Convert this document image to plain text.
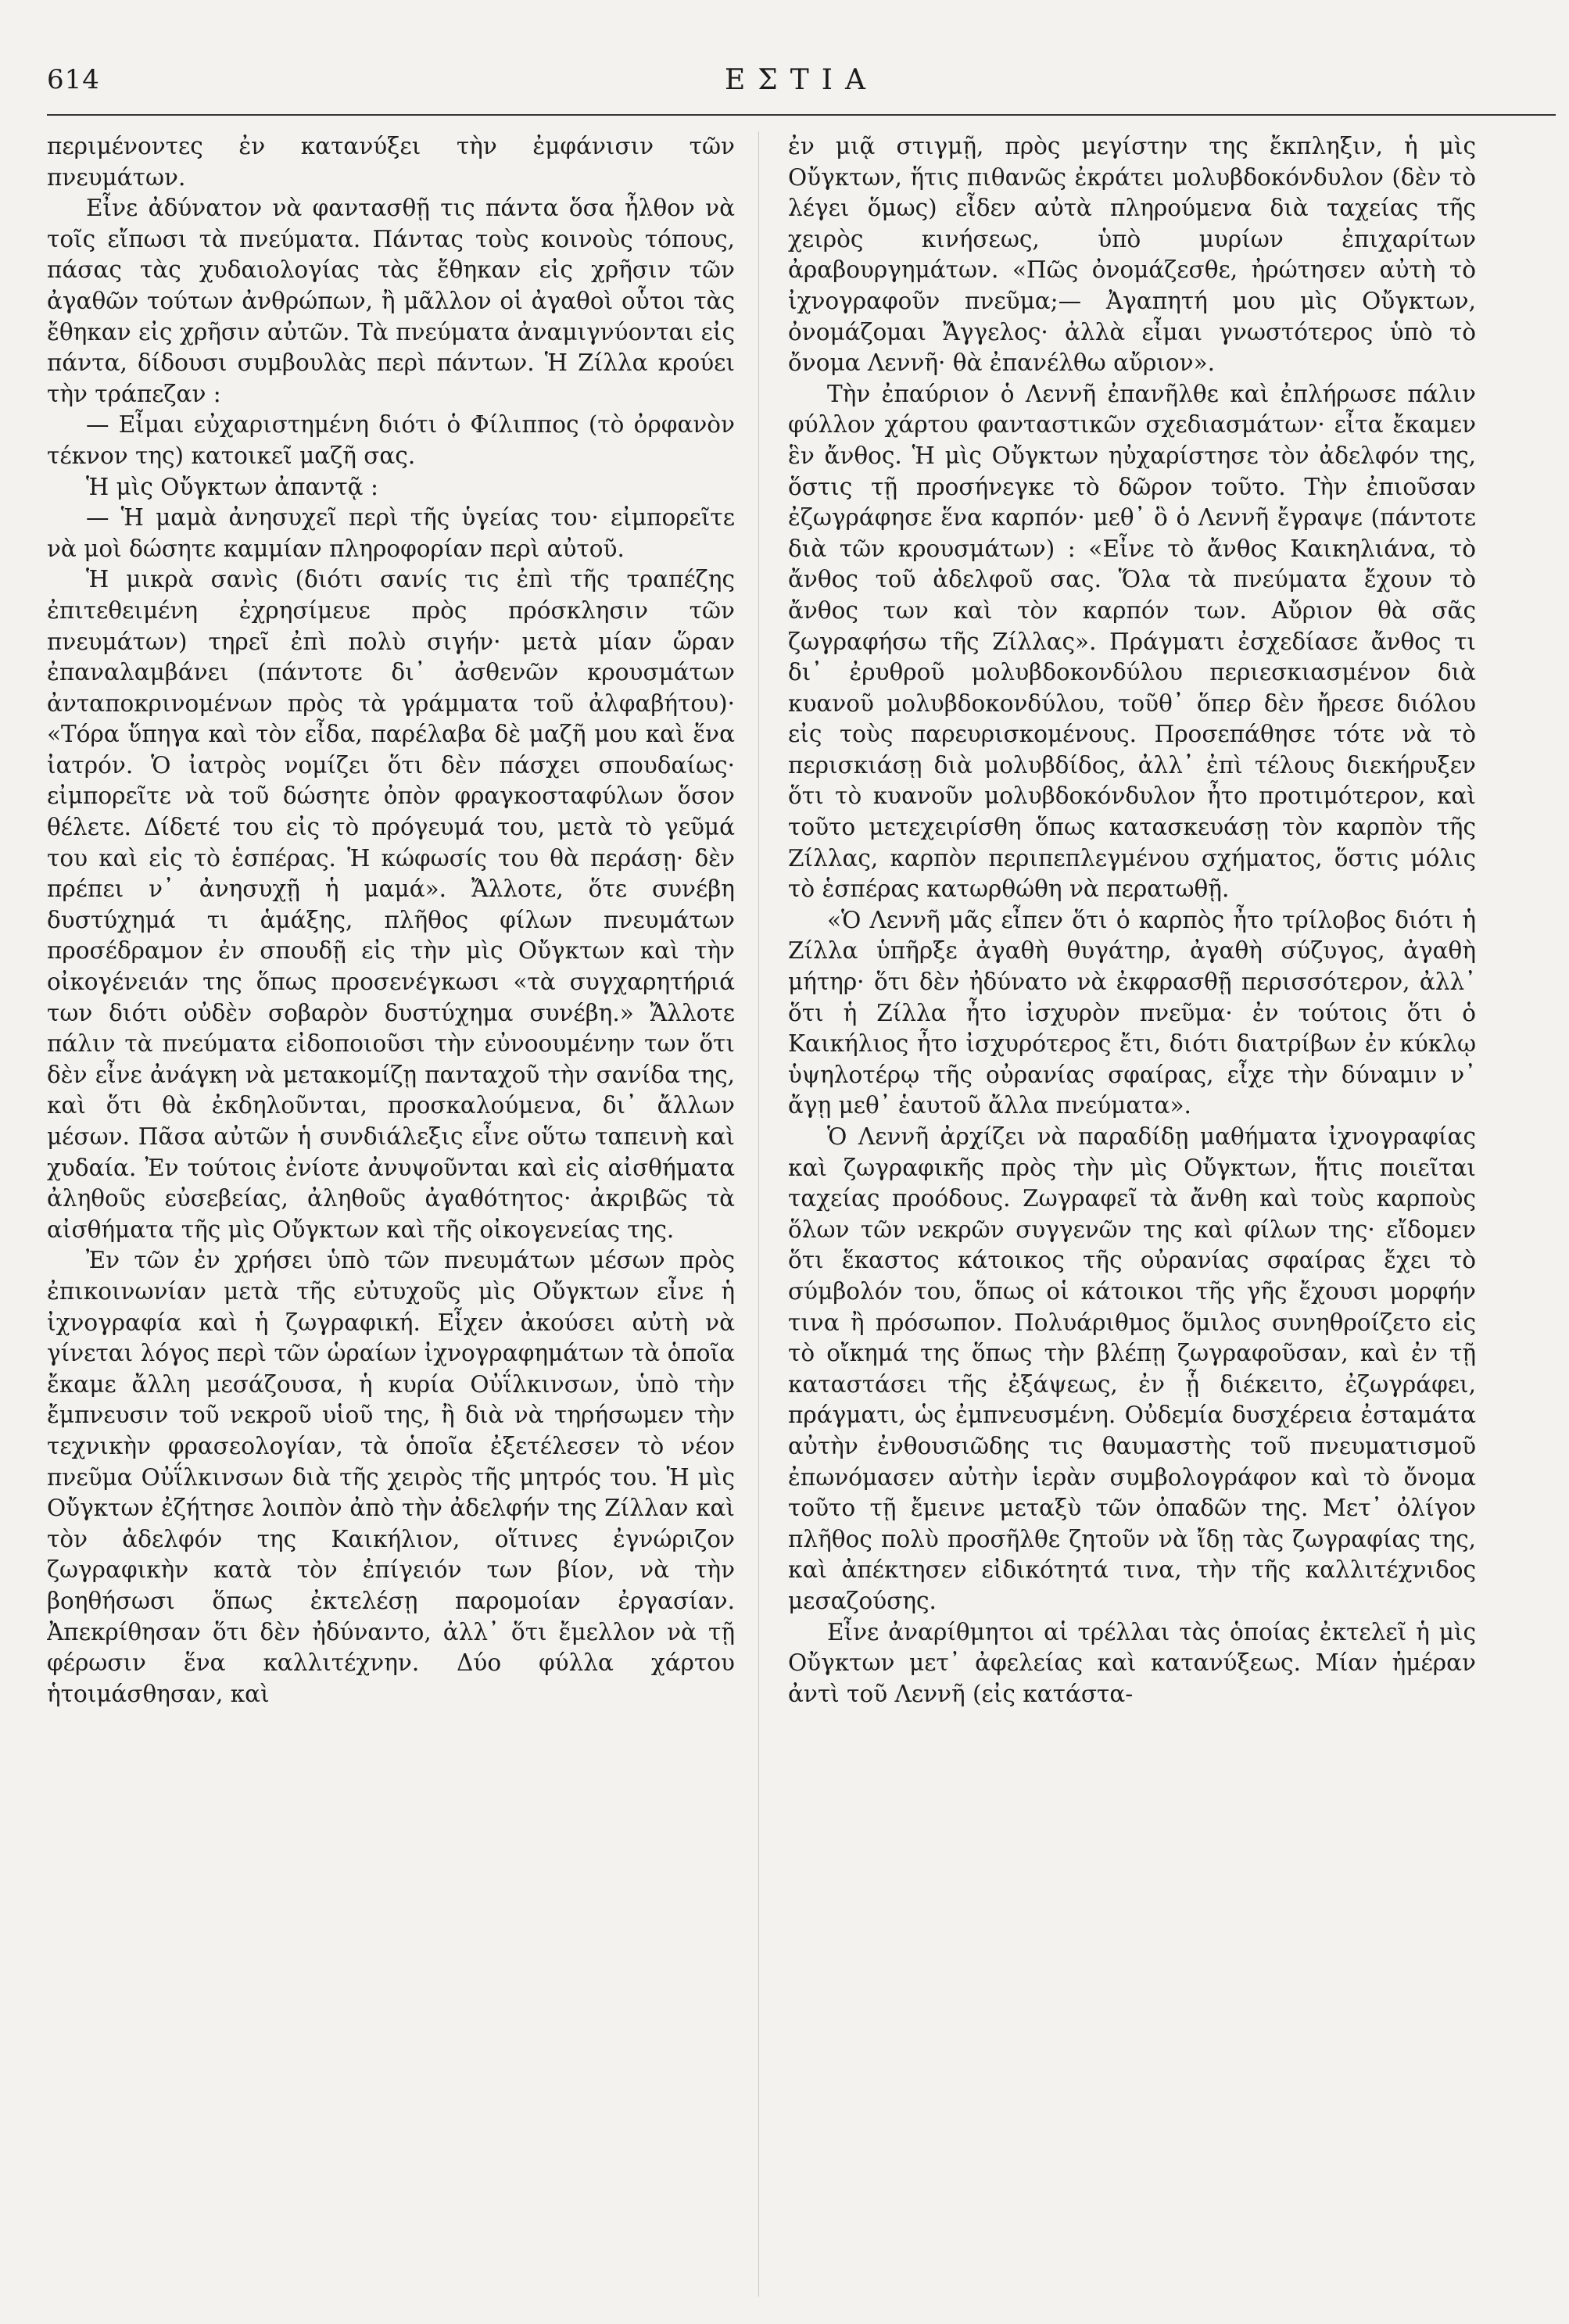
614	ΕΣΤΙΑ

περιμένοντες ἐν κατανύξει τὴν ἐμφάνισιν τῶν πνευμάτων.

Εἶνε ἀδύνατον νὰ φαντασθῇ τις πάντα ὅσα ἦλθον νὰ τοῖς εἴπωσι τὰ πνεύματα. Πάντας τοὺς κοινοὺς τόπους, πάσας τὰς χυδαιολογίας τὰς ἔθηκαν εἰς χρῆσιν τῶν ἀγαθῶν τούτων ἀνθρώπων, ἢ μᾶλλον οἱ ἀγαθοὶ οὗτοι τὰς ἔθηκαν εἰς χρῆσιν αὐτῶν. Τὰ πνεύματα ἀναμιγνύονται εἰς πάντα, δίδουσι συμβουλὰς περὶ πάντων. Ἡ Ζίλλα κρούει τὴν τράπεζαν :

— Εἶμαι εὐχαριστημένη διότι ὁ Φίλιππος (τὸ ὀρφανὸν τέκνον της) κατοικεῖ μαζῆ σας.

Ἡ μὶς Οὔγκτων ἀπαντᾷ :

— Ἡ μαμὰ ἀνησυχεῖ περὶ τῆς ὑγείας του· εἰμπορεῖτε νὰ μοὶ δώσητε καμμίαν πληροφορίαν περὶ αὐτοῦ.

Ἡ μικρὰ σανὶς (διότι σανίς τις ἐπὶ τῆς τραπέζης ἐπιτεθειμένη ἐχρησίμευε πρὸς πρόσκλησιν τῶν πνευμάτων) τηρεῖ ἐπὶ πολὺ σιγήν· μετὰ μίαν ὥραν ἐπαναλαμβάνει (πάντοτε δι᾽ ἀσθενῶν κρουσμάτων ἀνταποκρινομένων πρὸς τὰ γράμματα τοῦ ἀλφαβήτου)· «Τόρα ὕπηγα καὶ τὸν εἶδα, παρέλαβα δὲ μαζῆ μου καὶ ἕνα ἰατρόν. Ὁ ἰατρὸς νομίζει ὅτι δὲν πάσχει σπουδαίως· εἰμπορεῖτε νὰ τοῦ δώσητε ὀπὸν φραγκοσταφύλων ὅσον θέλετε. Δίδετέ του εἰς τὸ πρόγευμά του, μετὰ τὸ γεῦμά του καὶ εἰς τὸ ἑσπέρας. Ἡ κώφωσίς του θὰ περάσῃ· δὲν πρέπει ν᾽ ἀνησυχῇ ἡ μαμά». Ἄλλοτε, ὅτε συνέβη δυστύχημά τι ἁμάξης, πλῆθος φίλων πνευμάτων προσέδραμον ἐν σπουδῇ εἰς τὴν μὶς Οὔγκτων καὶ τὴν οἰκογένειάν της ὅπως προσενέγκωσι «τὰ συγχαρητήριά των διότι οὐδὲν σοβαρὸν δυστύχημα συνέβη.» Ἄλλοτε πάλιν τὰ πνεύματα εἰδοποιοῦσι τὴν εὐνοουμένην των ὅτι δὲν εἶνε ἀνάγκη νὰ μετακομίζῃ πανταχοῦ τὴν σανίδα της, καὶ ὅτι θὰ ἐκδηλοῦνται, προσκαλούμενα, δι᾽ ἄλλων μέσων. Πᾶσα αὐτῶν ἡ συνδιάλεξις εἶνε οὕτω ταπεινὴ καὶ χυδαία. Ἐν τούτοις ἐνίοτε ἀνυψοῦνται καὶ εἰς αἰσθήματα ἀληθοῦς εὐσεβείας, ἀληθοῦς ἀγαθότητος· ἀκριβῶς τὰ αἰσθήματα τῆς μὶς Οὔγκτων καὶ τῆς οἰκογενείας της.

Ἐν τῶν ἐν χρήσει ὑπὸ τῶν πνευμάτων μέσων πρὸς ἐπικοινωνίαν μετὰ τῆς εὐτυχοῦς μὶς Οὔγκτων εἶνε ἡ ἰχνογραφία καὶ ἡ ζωγραφική. Εἶχεν ἀκούσει αὐτὴ νὰ γίνεται λόγος περὶ τῶν ὡραίων ἰχνογραφημάτων τὰ ὁποῖα ἔκαμε ἄλλη μεσάζουσα, ἡ κυρία Οὐΐλκινσων, ὑπὸ τὴν ἔμπνευσιν τοῦ νεκροῦ υἱοῦ της, ἢ διὰ νὰ τηρήσωμεν τὴν τεχνικὴν φρασεολογίαν, τὰ ὁποῖα ἐξετέλεσεν τὸ νέον πνεῦμα Οὐΐλκινσων διὰ τῆς χειρὸς τῆς μητρός του. Ἡ μὶς Οὔγκτων ἐζήτησε λοιπὸν ἀπὸ τὴν ἀδελφήν της Ζίλλαν καὶ τὸν ἀδελφόν της Καικήλιον, οἵτινες ἐγνώριζον ζωγραφικὴν κατὰ τὸν ἐπίγειόν των βίον, νὰ τὴν βοηθήσωσι ὅπως ἐκτελέσῃ παρομοίαν ἐργασίαν. Ἀπεκρίθησαν ὅτι δὲν ἠδύναντο, ἀλλ᾽ ὅτι ἔμελλον νὰ τῇ φέρωσιν ἕνα καλλιτέχνην. Δύο φύλλα χάρτου ἡτοιμάσθησαν, καὶ

ἐν μιᾷ στιγμῇ, πρὸς μεγίστην της ἔκπληξιν, ἡ μὶς Οὔγκτων, ἥτις πιθανῶς ἐκράτει μολυβδοκόνδυλον (δὲν τὸ λέγει ὅμως) εἶδεν αὐτὰ πληρούμενα διὰ ταχείας τῆς χειρὸς κινήσεως, ὑπὸ μυρίων ἐπιχαρίτων ἀραβουργημάτων. «Πῶς ὀνομάζεσθε, ἠρώτησεν αὐτὴ τὸ ἰχνογραφοῦν πνεῦμα;— Ἀγαπητή μου μὶς Οὔγκτων, ὀνομάζομαι Ἄγγελος· ἀλλὰ εἶμαι γνωστότερος ὑπὸ τὸ ὄνομα Λεννῆ· θὰ ἐπανέλθω αὔριον».

Τὴν ἐπαύριον ὁ Λεννῆ ἐπανῆλθε καὶ ἐπλήρωσε πάλιν φύλλον χάρτου φανταστικῶν σχεδιασμάτων· εἶτα ἔκαμεν ἓν ἄνθος. Ἡ μὶς Οὔγκτων ηὐχαρίστησε τὸν ἀδελφόν της, ὅστις τῇ προσήνεγκε τὸ δῶρον τοῦτο. Τὴν ἐπιοῦσαν ἐζωγράφησε ἕνα καρπόν· μεθ᾽ ὃ ὁ Λεννῆ ἔγραψε (πάντοτε διὰ τῶν κρουσμάτων) : «Εἶνε τὸ ἄνθος Καικηλιάνα, τὸ ἄνθος τοῦ ἀδελφοῦ σας. Ὅλα τὰ πνεύματα ἔχουν τὸ ἄνθος των καὶ τὸν καρπόν των. Αὔριον θὰ σᾶς ζωγραφήσω τῆς Ζίλλας». Πράγματι ἐσχεδίασε ἄνθος τι δι᾽ ἐρυθροῦ μολυβδοκονδύλου περιεσκιασμένον διὰ κυανοῦ μολυβδοκονδύλου, τοῦθ᾽ ὅπερ δὲν ἤρεσε διόλου εἰς τοὺς παρευρισκομένους. Προσεπάθησε τότε νὰ τὸ περισκιάσῃ διὰ μολυβδίδος, ἀλλ᾽ ἐπὶ τέλους διεκήρυξεν ὅτι τὸ κυανοῦν μολυβδοκόνδυλον ἦτο προτιμότερον, καὶ τοῦτο μετεχειρίσθη ὅπως κατασκευάσῃ τὸν καρπὸν τῆς Ζίλλας, καρπὸν περιπεπλεγμένου σχήματος, ὅστις μόλις τὸ ἑσπέρας κατωρθώθη νὰ περατωθῇ.

«Ὁ Λεννῆ μᾶς εἶπεν ὅτι ὁ καρπὸς ἦτο τρίλοβος διότι ἡ Ζίλλα ὑπῆρξε ἀγαθὴ θυγάτηρ, ἀγαθὴ σύζυγος, ἀγαθὴ μήτηρ· ὅτι δὲν ἠδύνατο νὰ ἐκφρασθῇ περισσότερον, ἀλλ᾽ ὅτι ἡ Ζίλλα ἦτο ἰσχυρὸν πνεῦμα· ἐν τούτοις ὅτι ὁ Καικήλιος ἦτο ἰσχυρότερος ἔτι, διότι διατρίβων ἐν κύκλῳ ὑψηλοτέρῳ τῆς οὐρανίας σφαίρας, εἶχε τὴν δύναμιν ν᾽ ἄγῃ μεθ᾽ ἑαυτοῦ ἄλλα πνεύματα».

Ὁ Λεννῆ ἀρχίζει νὰ παραδίδῃ μαθήματα ἰχνογραφίας καὶ ζωγραφικῆς πρὸς τὴν μὶς Οὔγκτων, ἥτις ποιεῖται ταχείας προόδους. Ζωγραφεῖ τὰ ἄνθη καὶ τοὺς καρποὺς ὅλων τῶν νεκρῶν συγγενῶν της καὶ φίλων της· εἴδομεν ὅτι ἕκαστος κάτοικος τῆς οὐρανίας σφαίρας ἔχει τὸ σύμβολόν του, ὅπως οἱ κάτοικοι τῆς γῆς ἔχουσι μορφήν τινα ἢ πρόσωπον. Πολυάριθμος ὅμιλος συνηθροίζετο εἰς τὸ οἴκημά της ὅπως τὴν βλέπῃ ζωγραφοῦσαν, καὶ ἐν τῇ καταστάσει τῆς ἐξάψεως, ἐν ᾗ διέκειτο, ἐζωγράφει, πράγματι, ὡς ἐμπνευσμένη. Οὐδεμία δυσχέρεια ἐσταμάτα αὐτὴν ἐνθουσιῶδης τις θαυμαστὴς τοῦ πνευματισμοῦ ἐπωνόμασεν αὐτὴν ἱερὰν συμβολογράφον καὶ τὸ ὄνομα τοῦτο τῇ ἔμεινε μεταξὺ τῶν ὀπαδῶν της. Μετ᾽ ὀλίγον πλῆθος πολὺ προσῆλθε ζητοῦν νὰ ἴδῃ τὰς ζωγραφίας της, καὶ ἀπέκτησεν εἰδικότητά τινα, τὴν τῆς καλλιτέχνιδος μεσαζούσης.

Εἶνε ἀναρίθμητοι αἱ τρέλλαι τὰς ὁποίας ἐκτελεῖ ἡ μὶς Οὔγκτων μετ᾽ ἀφελείας καὶ κατανύξεως. Μίαν ἡμέραν ἀντὶ τοῦ Λεννῆ (εἰς κατάστα-
